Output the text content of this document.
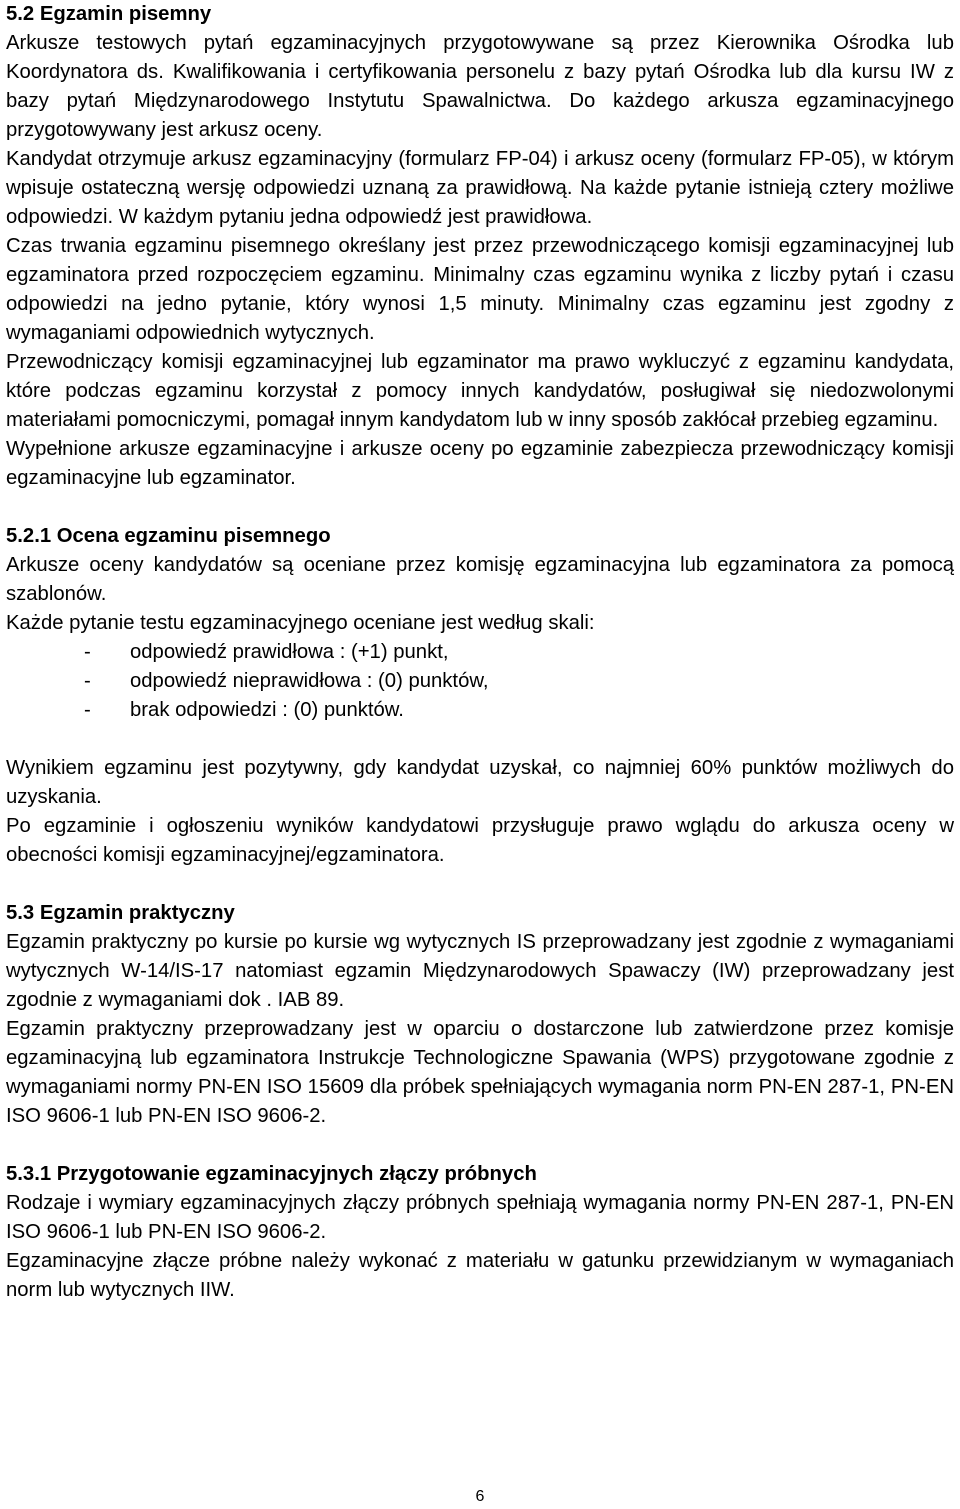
5.2 Egzamin pisemny

Arkusze testowych pytań egzaminacyjnych przygotowywane są przez Kierownika Ośrodka lub Koordynatora ds. Kwalifikowania i certyfikowania personelu z bazy pytań Ośrodka lub dla kursu IW z bazy pytań Międzynarodowego Instytutu Spawalnictwa. Do każdego arkusza egzaminacyjnego przygotowywany jest arkusz oceny.

Kandydat otrzymuje arkusz egzaminacyjny (formularz FP-04) i arkusz oceny (formularz FP-05), w którym wpisuje ostateczną wersję odpowiedzi uznaną za prawidłową. Na każde pytanie istnieją cztery możliwe odpowiedzi. W każdym pytaniu jedna odpowiedź jest prawidłowa.

Czas trwania egzaminu pisemnego określany jest przez przewodniczącego komisji egzaminacyjnej lub egzaminatora przed rozpoczęciem egzaminu. Minimalny czas egzaminu wynika z liczby pytań i czasu odpowiedzi na jedno pytanie, który wynosi 1,5 minuty. Minimalny czas egzaminu jest zgodny z wymaganiami odpowiednich wytycznych.

Przewodniczący komisji egzaminacyjnej lub egzaminator ma prawo wykluczyć z egzaminu kandydata, które podczas egzaminu korzystał z pomocy innych kandydatów, posługiwał się niedozwolonymi materiałami pomocniczymi, pomagał innym kandydatom lub w inny sposób zakłócał przebieg egzaminu.

Wypełnione arkusze egzaminacyjne i arkusze oceny po egzaminie zabezpiecza przewodniczący komisji egzaminacyjne lub egzaminator.

5.2.1 Ocena egzaminu pisemnego

Arkusze oceny kandydatów są oceniane przez komisję egzaminacyjna lub egzaminatora za pomocą szablonów.

Każde pytanie testu egzaminacyjnego oceniane jest według skali:

- odpowiedź prawidłowa : (+1) punkt,
- odpowiedź nieprawidłowa : (0) punktów,
- brak odpowiedzi : (0) punktów.

Wynikiem egzaminu jest pozytywny, gdy kandydat uzyskał, co najmniej 60% punktów możliwych do uzyskania.

Po egzaminie i ogłoszeniu wyników kandydatowi przysługuje prawo wglądu do arkusza oceny w obecności komisji egzaminacyjnej/egzaminatora.

5.3 Egzamin praktyczny

Egzamin praktyczny po kursie po kursie wg wytycznych IS przeprowadzany jest zgodnie z wymaganiami wytycznych W-14/IS-17 natomiast egzamin Międzynarodowych Spawaczy (IW) przeprowadzany jest zgodnie z wymaganiami dok . IAB 89.

Egzamin praktyczny przeprowadzany jest w oparciu o dostarczone lub zatwierdzone przez komisje egzaminacyjną lub egzaminatora Instrukcje Technologiczne Spawania (WPS) przygotowane zgodnie z wymaganiami normy PN-EN ISO 15609 dla próbek spełniających wymagania norm PN-EN 287-1, PN-EN ISO 9606-1 lub PN-EN ISO 9606-2.

5.3.1 Przygotowanie egzaminacyjnych złączy próbnych

Rodzaje i wymiary egzaminacyjnych złączy próbnych spełniają wymagania normy PN-EN 287-1, PN-EN ISO 9606-1 lub PN-EN ISO 9606-2.

Egzaminacyjne złącze próbne należy wykonać z materiału w gatunku przewidzianym w wymaganiach norm lub wytycznych IIW.

6
